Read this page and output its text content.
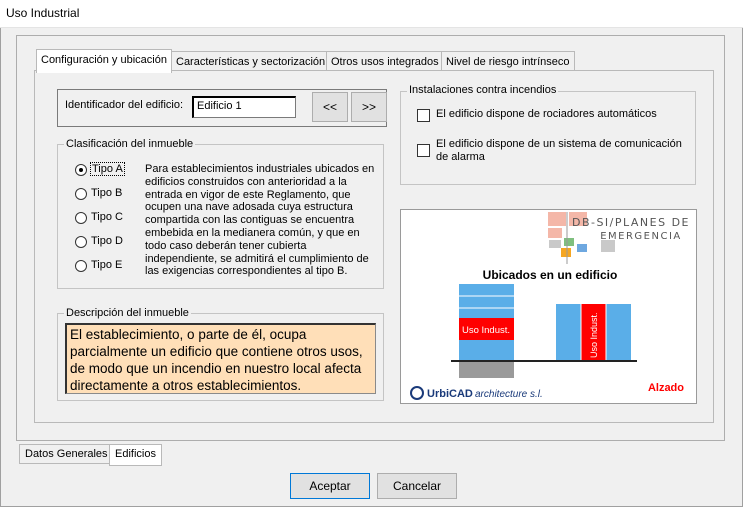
Uso Industrial
Configuración y ubicación Características y sectorización Otros usos integrados Nivel de riesgo intrínseco
Identificador del edificio:	Edificio 1	<<	>>
Clasificación del inmueble
Tipo A
Tipo B
Tipo C
Tipo D
Tipo E
Para establecimientos industriales ubicados en edificios construidos con anterioridad a la entrada en vigor de este Reglamento, que ocupen una nave adosada cuya estructura compartida con las contiguas se encuentra embebida en la medianera común, y que en todo caso deberán tener cubierta independiente, se admitirá el cumplimiento de las exigencias correspondientes al tipo B.
Descripción del inmueble
El establecimiento, o parte de él, ocupa parcialmente un edificio que contiene otros usos, de modo que un incendio en nuestro local afecta directamente a otros establecimientos.
Instalaciones contra incendios
El edificio dispone de rociadores automáticos
El edificio dispone de un sistema de comunicación
de alarma
DB-SI/PLANES DE
EMERGENCIA
Ubicados en un edificio
Uso Indust.	Uso Indust.
UrbiCAD architecture s.l.
Alzado
Datos Generales Edificios
Aceptar	Cancelar
